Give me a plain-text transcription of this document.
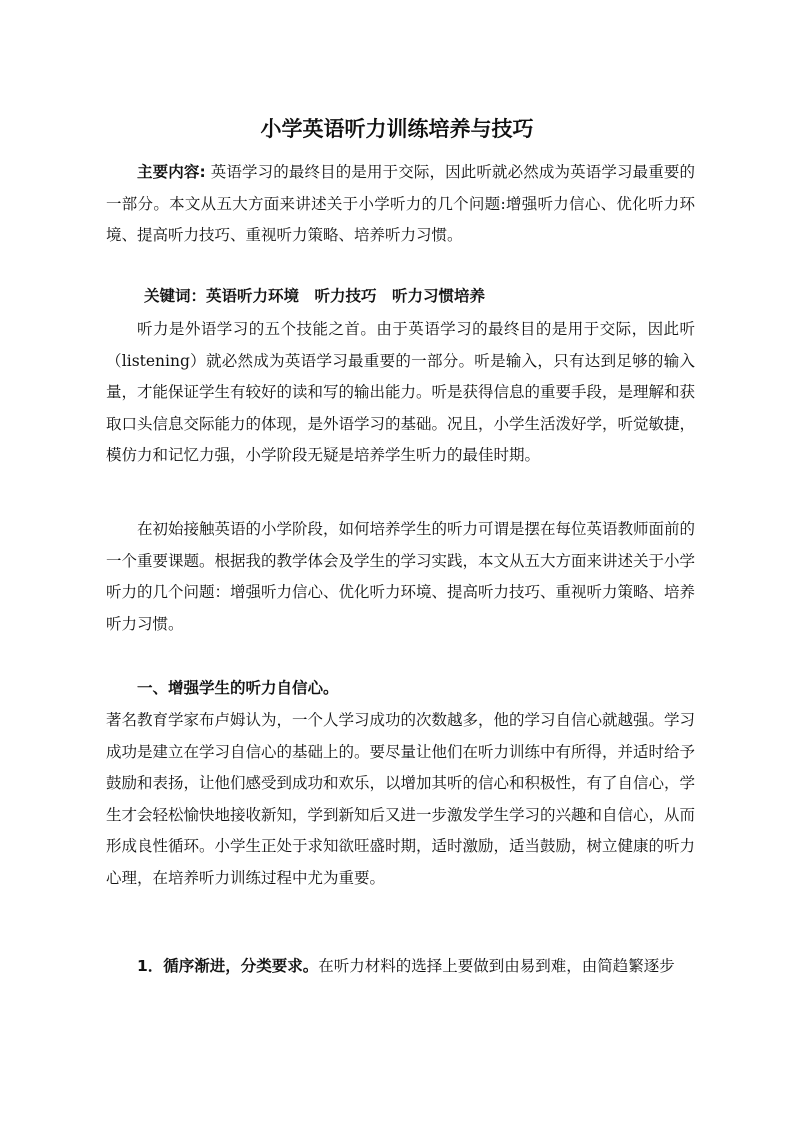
小学英语听力训练培养与技巧

主要内容: 英语学习的最终目的是用于交际，因此听就必然成为英语学习最重要的一部分。本文从五大方面来讲述关于小学听力的几个问题:增强听力信心、优化听力环境、提高听力技巧、重视听力策略、培养听力习惯。

关键词：英语听力环境　听力技巧　听力习惯培养

听力是外语学习的五个技能之首。由于英语学习的最终目的是用于交际，因此听（listening）就必然成为英语学习最重要的一部分。听是输入，只有达到足够的输入量，才能保证学生有较好的读和写的输出能力。听是获得信息的重要手段，是理解和获取口头信息交际能力的体现，是外语学习的基础。况且，小学生活泼好学，听觉敏捷，模仿力和记忆力强，小学阶段无疑是培养学生听力的最佳时期。

在初始接触英语的小学阶段，如何培养学生的听力可谓是摆在每位英语教师面前的一个重要课题。根据我的教学体会及学生的学习实践，本文从五大方面来讲述关于小学听力的几个问题：增强听力信心、优化听力环境、提高听力技巧、重视听力策略、培养听力习惯。

一、增强学生的听力自信心。

著名教育学家布卢姆认为，一个人学习成功的次数越多，他的学习自信心就越强。学习成功是建立在学习自信心的基础上的。要尽量让他们在听力训练中有所得，并适时给予鼓励和表扬，让他们感受到成功和欢乐，以增加其听的信心和积极性，有了自信心，学生才会轻松愉快地接收新知，学到新知后又进一步激发学生学习的兴趣和自信心，从而形成良性循环。小学生正处于求知欲旺盛时期，适时激励，适当鼓励，树立健康的听力心理，在培养听力训练过程中尤为重要。

1．循序渐进，分类要求。在听力材料的选择上要做到由易到难，由简趋繁逐步
